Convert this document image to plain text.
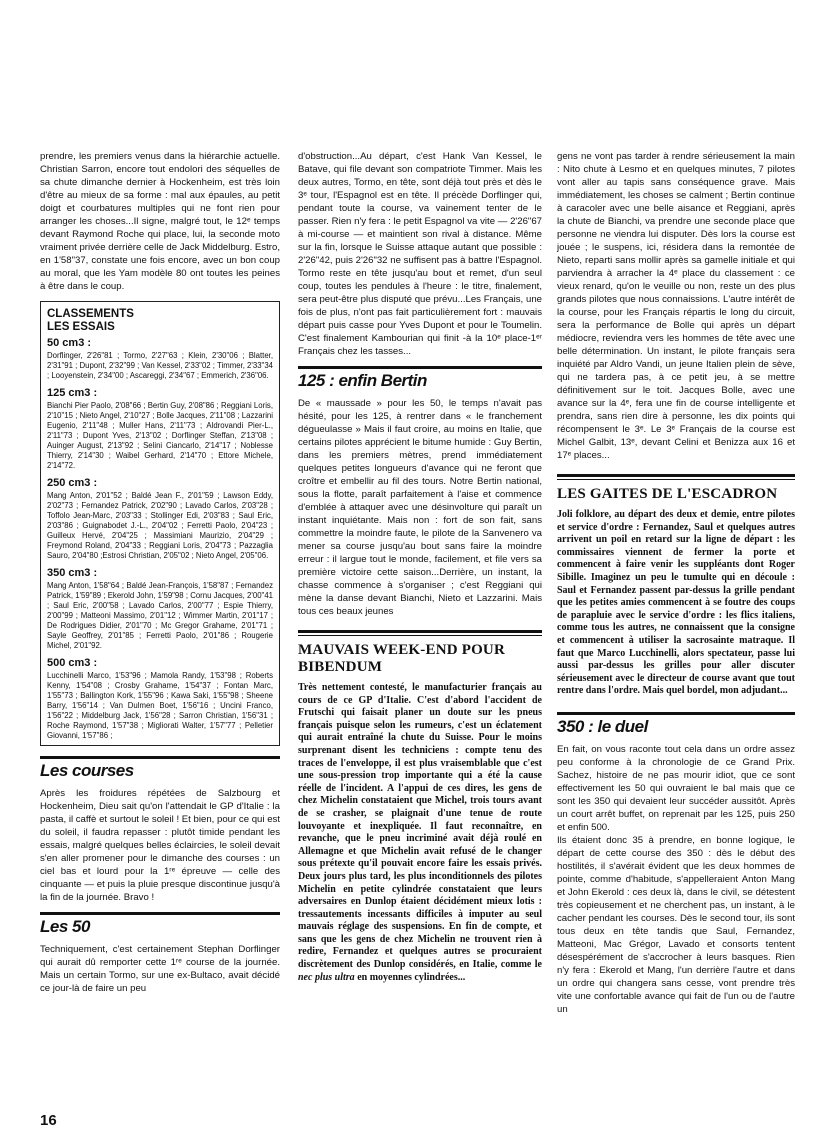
prendre, les premiers venus dans la hiérarchie actuelle. Christian Sarron, encore tout endolori des séquelles de sa chute dimanche dernier à Hockenheim, est très loin d'être au mieux de sa forme : mal aux épaules, au petit doigt et courbatures multiples qui ne font rien pour arranger les choses...Il signe, malgré tout, le 12ᵉ temps devant Raymond Roche qui place, lui, la seconde moto vraiment privée derrière celle de Jack Middelburg. Estro, en 1'58"37, constate une fois encore, avec un bon coup au moral, que les Yam modèle 80 ont toutes les peines à être dans le coup.

CLASSEMENTS
LES ESSAIS
50 cm3 :

Dorflinger, 2'26"81 ; Tormo, 2'27"63 ; Klein, 2'30"06 ; Blatter, 2'31"91 ; Dupont, 2'32"99 ; Van Kessel, 2'33"02 ; Timmer, 2'33"34 ; Looyenstein, 2'34"00 ; Ascareggi, 2'34"67 ; Emmerich, 2'36"06.

125 cm3 :

Bianchi Pier Paolo, 2'08"66 ; Bertin Guy, 2'08"86 ; Reggiani Loris, 2'10"15 ; Nieto Angel, 2'10"27 ; Bolle Jacques, 2'11"08 ; Lazzarini Eugenio, 2'11"48 ; Muller Hans, 2'11"73 ; Aldrovandi Pier-L., 2'11"73 ; Dupont Yves, 2'13"02 ; Dorflinger Steffan, 2'13"08 ; Auinger August, 2'13"92 ; Selini Ciancarlo, 2'14"17 ; Noblesse Thierry, 2'14"30 ; Waibel Gerhard, 2'14"70 ; Ettore Michele, 2'14"72.

250 cm3 :

Mang Anton, 2'01"52 ; Baldé Jean F., 2'01"59 ; Lawson Eddy, 2'02"73 ; Fernandez Patrick, 2'02"90 ; Lavado Carlos, 2'03"28 ; Toffolo Jean-Marc, 2'03"33 ; Stollinger Edi, 2'03"83 ; Saul Eric, 2'03"86 ; Guignabodet J.-L., 2'04"02 ; Ferretti Paolo, 2'04"23 ; Guilleux Hervé, 2'04"25 ; Massimiani Maurizio, 2'04"29 ; Freymond Roland, 2'04"33 ; Reggiani Loris, 2'04"73 ; Pazzaglia Sauro, 2'04"80 ;Estrosi Christian, 2'05"02 ; Nieto Angel, 2'05"06.

350 cm3 :

Mang Anton, 1'58"64 ; Baldé Jean-François, 1'58"87 ; Fernandez Patrick, 1'59"89 ; Ekerold John, 1'59"98 ; Cornu Jacques, 2'00"41 ; Saul Eric, 2'00"58 ; Lavado Carlos, 2'00"77 ; Espie Thierry, 2'00"99 ; Matteoni Massimo, 2'01"12 ; Wimmer Martin, 2'01"17 ; De Rodrigues Didier, 2'01"70 ; Mc Gregor Grahame, 2'01"71 ; Sayle Geoffrey, 2'01"85 ; Ferretti Paolo, 2'01"86 ; Rougerie Michel, 2'01"92.

500 cm3 :

Lucchinelli Marco, 1'53"96 ; Mamola Randy, 1'53"98 ; Roberts Kenny, 1'54"08 ; Crosby Grahame, 1'54"37 ; Fontan Marc, 1'55"73 ; Ballington Kork, 1'55"96 ; Kawa Saki, 1'55"98 ; Sheene Barry, 1'56"14 ; Van Dulmen Boet, 1'56"16 ; Uncini Franco, 1'56"22 ; Middelburg Jack, 1'56"28 ; Sarron Christian, 1'56"31 ; Roche Raymond, 1'57"38 ; Migliorati Walter, 1'57"77 ; Pelletier Giovanni, 1'57"86 ;

Les courses

Après les froidures répétées de Salzbourg et Hockenheim, Dieu sait qu'on l'attendait le GP d'Italie : la pasta, il caffè et surtout le soleil ! Et bien, pour ce qui est du soleil, il faudra repasser : plutôt timide pendant les essais, malgré quelques belles éclaircies, le soleil devait s'en aller promener pour le dimanche des courses : un ciel bas et lourd pour la 1ʳᵉ épreuve — celle des cinquante — et puis la pluie presque discontinue jusqu'à la fin de la journée. Bravo !

Les 50

Techniquement, c'est certainement Stephan Dorflinger qui aurait dû remporter cette 1ʳᵉ course de la journée. Mais un certain Tormo, sur une ex-Bultaco, avait décidé ce jour-là de faire un peu

d'obstruction...Au départ, c'est Hank Van Kessel, le Batave, qui file devant son compatriote Timmer. Mais les deux autres, Tormo, en tête, sont déjà tout près et dès le 3ᵉ tour, l'Espagnol est en tête. Il précède Dorflinger qui, pendant toute la course, va vainement tenter de le passer. Rien n'y fera : le petit Espagnol va vite — 2'26"67 à mi-course — et maintient son rival à distance. Même sur la fin, lorsque le Suisse attaque autant que possible : 2'26"42, puis 2'26"32 ne suffisent pas à battre l'Espagnol. Tormo reste en tête jusqu'au bout et remet, d'un seul coup, toutes les pendules à l'heure : le titre, finalement, sera peut-être plus disputé que prévu...Les Français, une fois de plus, n'ont pas fait particulièrement fort : mauvais départ puis casse pour Yves Dupont et pour le Toumelin. C'est finalement Kambourian qui finit -à la 10ᵉ place-1ᵉʳ Français chez les tasses...

125 : enfin Bertin

De « maussade » pour les 50, le temps n'avait pas hésité, pour les 125, à rentrer dans « le franchement dégueulasse » Mais il faut croire, au moins en Italie, que certains pilotes apprécient le bitume humide : Guy Bertin, dans les premiers mètres, prend immédiatement quelques petites longueurs d'avance qui ne feront que croître et embellir au fil des tours. Notre Bertin national, sous la flotte, paraît parfaitement à l'aise et commence d'emblée à attaquer avec une désinvolture qui paraît un instant inquiétante. Mais non : fort de son fait, sans commettre la moindre faute, le pilote de la Sanvenero va mener sa course jusqu'au bout sans faire la moindre erreur : il largue tout le monde, facilement, et file vers sa première victoire cette saison...Derrière, un instant, la chasse commence à s'organiser ; c'est Reggiani qui mène la danse devant Bianchi, Nieto et Lazzarini. Mais tous ces beaux jeunes

MAUVAIS WEEK-END POUR BIBENDUM

Très nettement contesté, le manufacturier français au cours de ce GP d'Italie. C'est d'abord l'accident de Frutschi qui faisait planer un doute sur les pneus français puisque selon les rumeurs, c'est un éclatement qui aurait entraîné la chute du Suisse. Pour le moins surprenant disent les techniciens : compte tenu des traces de l'enveloppe, il est plus vraisemblable que c'est une sous-pression trop importante qui a été la cause réelle de l'incident. A l'appui de ces dires, les gens de chez Michelin constataient que Michel, trois tours avant de se crasher, se plaignait d'une tenue de route louvoyante et inexpliquée. Il faut reconnaître, en revanche, que le pneu incriminé avait déjà roulé en Allemagne et que Michelin avait refusé de le changer sous prétexte qu'il pouvait encore faire les essais privés. Deux jours plus tard, les plus inconditionnels des pilotes Michelin en petite cylindrée constataient que leurs adversaires en Dunlop étaient décidément mieux lotis : tressautements incessants difficiles à imputer au seul mauvais réglage des suspensions. En fin de compte, et sans que les gens de chez Michelin ne trouvent rien à redire, Fernandez et quelques autres se procuraient discrètement des Dunlop considérés, en Italie, comme le nec plus ultra en moyennes cylindrées...

gens ne vont pas tarder à rendre sérieusement la main : Nito chute à Lesmo et en quelques minutes, 7 pilotes vont aller au tapis sans conséquence grave. Mais immédiatement, les choses se calment ; Bertin continue à caracoler avec une belle aisance et Reggiani, après la chute de Bianchi, va prendre une seconde place que personne ne viendra lui disputer. Dès lors la course est jouée ; le suspens, ici, résidera dans la remontée de Nieto, reparti sans mollir après sa gamelle initiale et qui parviendra à arracher la 4ᵉ place du classement : ce vieux renard, qu'on le veuille ou non, reste un des plus grands pilotes que nous connaissions. L'autre intérêt de la course, pour les Français répartis le long du circuit, sera la performance de Bolle qui après un départ médiocre, reviendra vers les hommes de tête avec une belle détermination. Un instant, le pilote français sera inquiété par Aldro Vandi, un jeune Italien plein de sève, qui ne tardera pas, à ce petit jeu, à se mettre définitivement sur le toit. Jacques Bolle, avec une avance sur la 4ᵉ, fera une fin de course intelligente et prendra, sans rien dire à personne, les dix points qui récompensent le 3ᵉ. Le 3ᵉ Français de la course est Michel Galbit, 13ᵉ, devant Celini et Benizza aux 16 et 17ᵉ places...

LES GAITES DE L'ESCADRON

Joli folklore, au départ des deux et demie, entre pilotes et service d'ordre : Fernandez, Saul et quelques autres arrivent un poil en retard sur la ligne de départ : les commissaires viennent de fermer la porte et commencent à faire venir les suppléants dont Roger Sibille. Imaginez un peu le tumulte qui en découle : Saul et Fernandez passent par-dessus la grille pendant que les petites amies commencent à se foutre des coups de parapluie avec le service d'ordre : les flics italiens, comme tous les autres, ne connaissent que la consigne et commencent à utiliser la sacrosainte matraque. Il faut que Marco Lucchinelli, alors spectateur, passe lui aussi par-dessus les grilles pour aller discuter sérieusement avec le directeur de course avant que tout rentre dans l'ordre. Mais quel bordel, mon adjudant...

350 : le duel

En fait, on vous raconte tout cela dans un ordre assez peu conforme à la chronologie de ce Grand Prix. Sachez, histoire de ne pas mourir idiot, que ce sont effectivement les 50 qui ouvraient le bal mais que ce sont les 350 qui devaient leur succéder aussitôt. Après un court arrêt buffet, on reprenait par les 125, puis 250 et enfin 500.

Ils étaient donc 35 à prendre, en bonne logique, le départ de cette course des 350 : dès le début des hostilités, il s'avérait évident que les deux hommes de pointe, comme d'habitude, s'appelleraient Anton Mang et John Ekerold : ces deux là, dans le civil, se détestent très copieusement et ne cherchent pas, un instant, à le cacher pendant les courses. Dès le second tour, ils sont tous deux en tête tandis que Saul, Fernandez, Matteoni, Mac Grégor, Lavado et consorts tentent désespérément de s'accrocher à leurs basques. Rien n'y fera : Ekerold et Mang, l'un derrière l'autre et dans un ordre qui changera sans cesse, vont prendre très vite une confortable avance qui fait de l'un ou de l'autre un

16
